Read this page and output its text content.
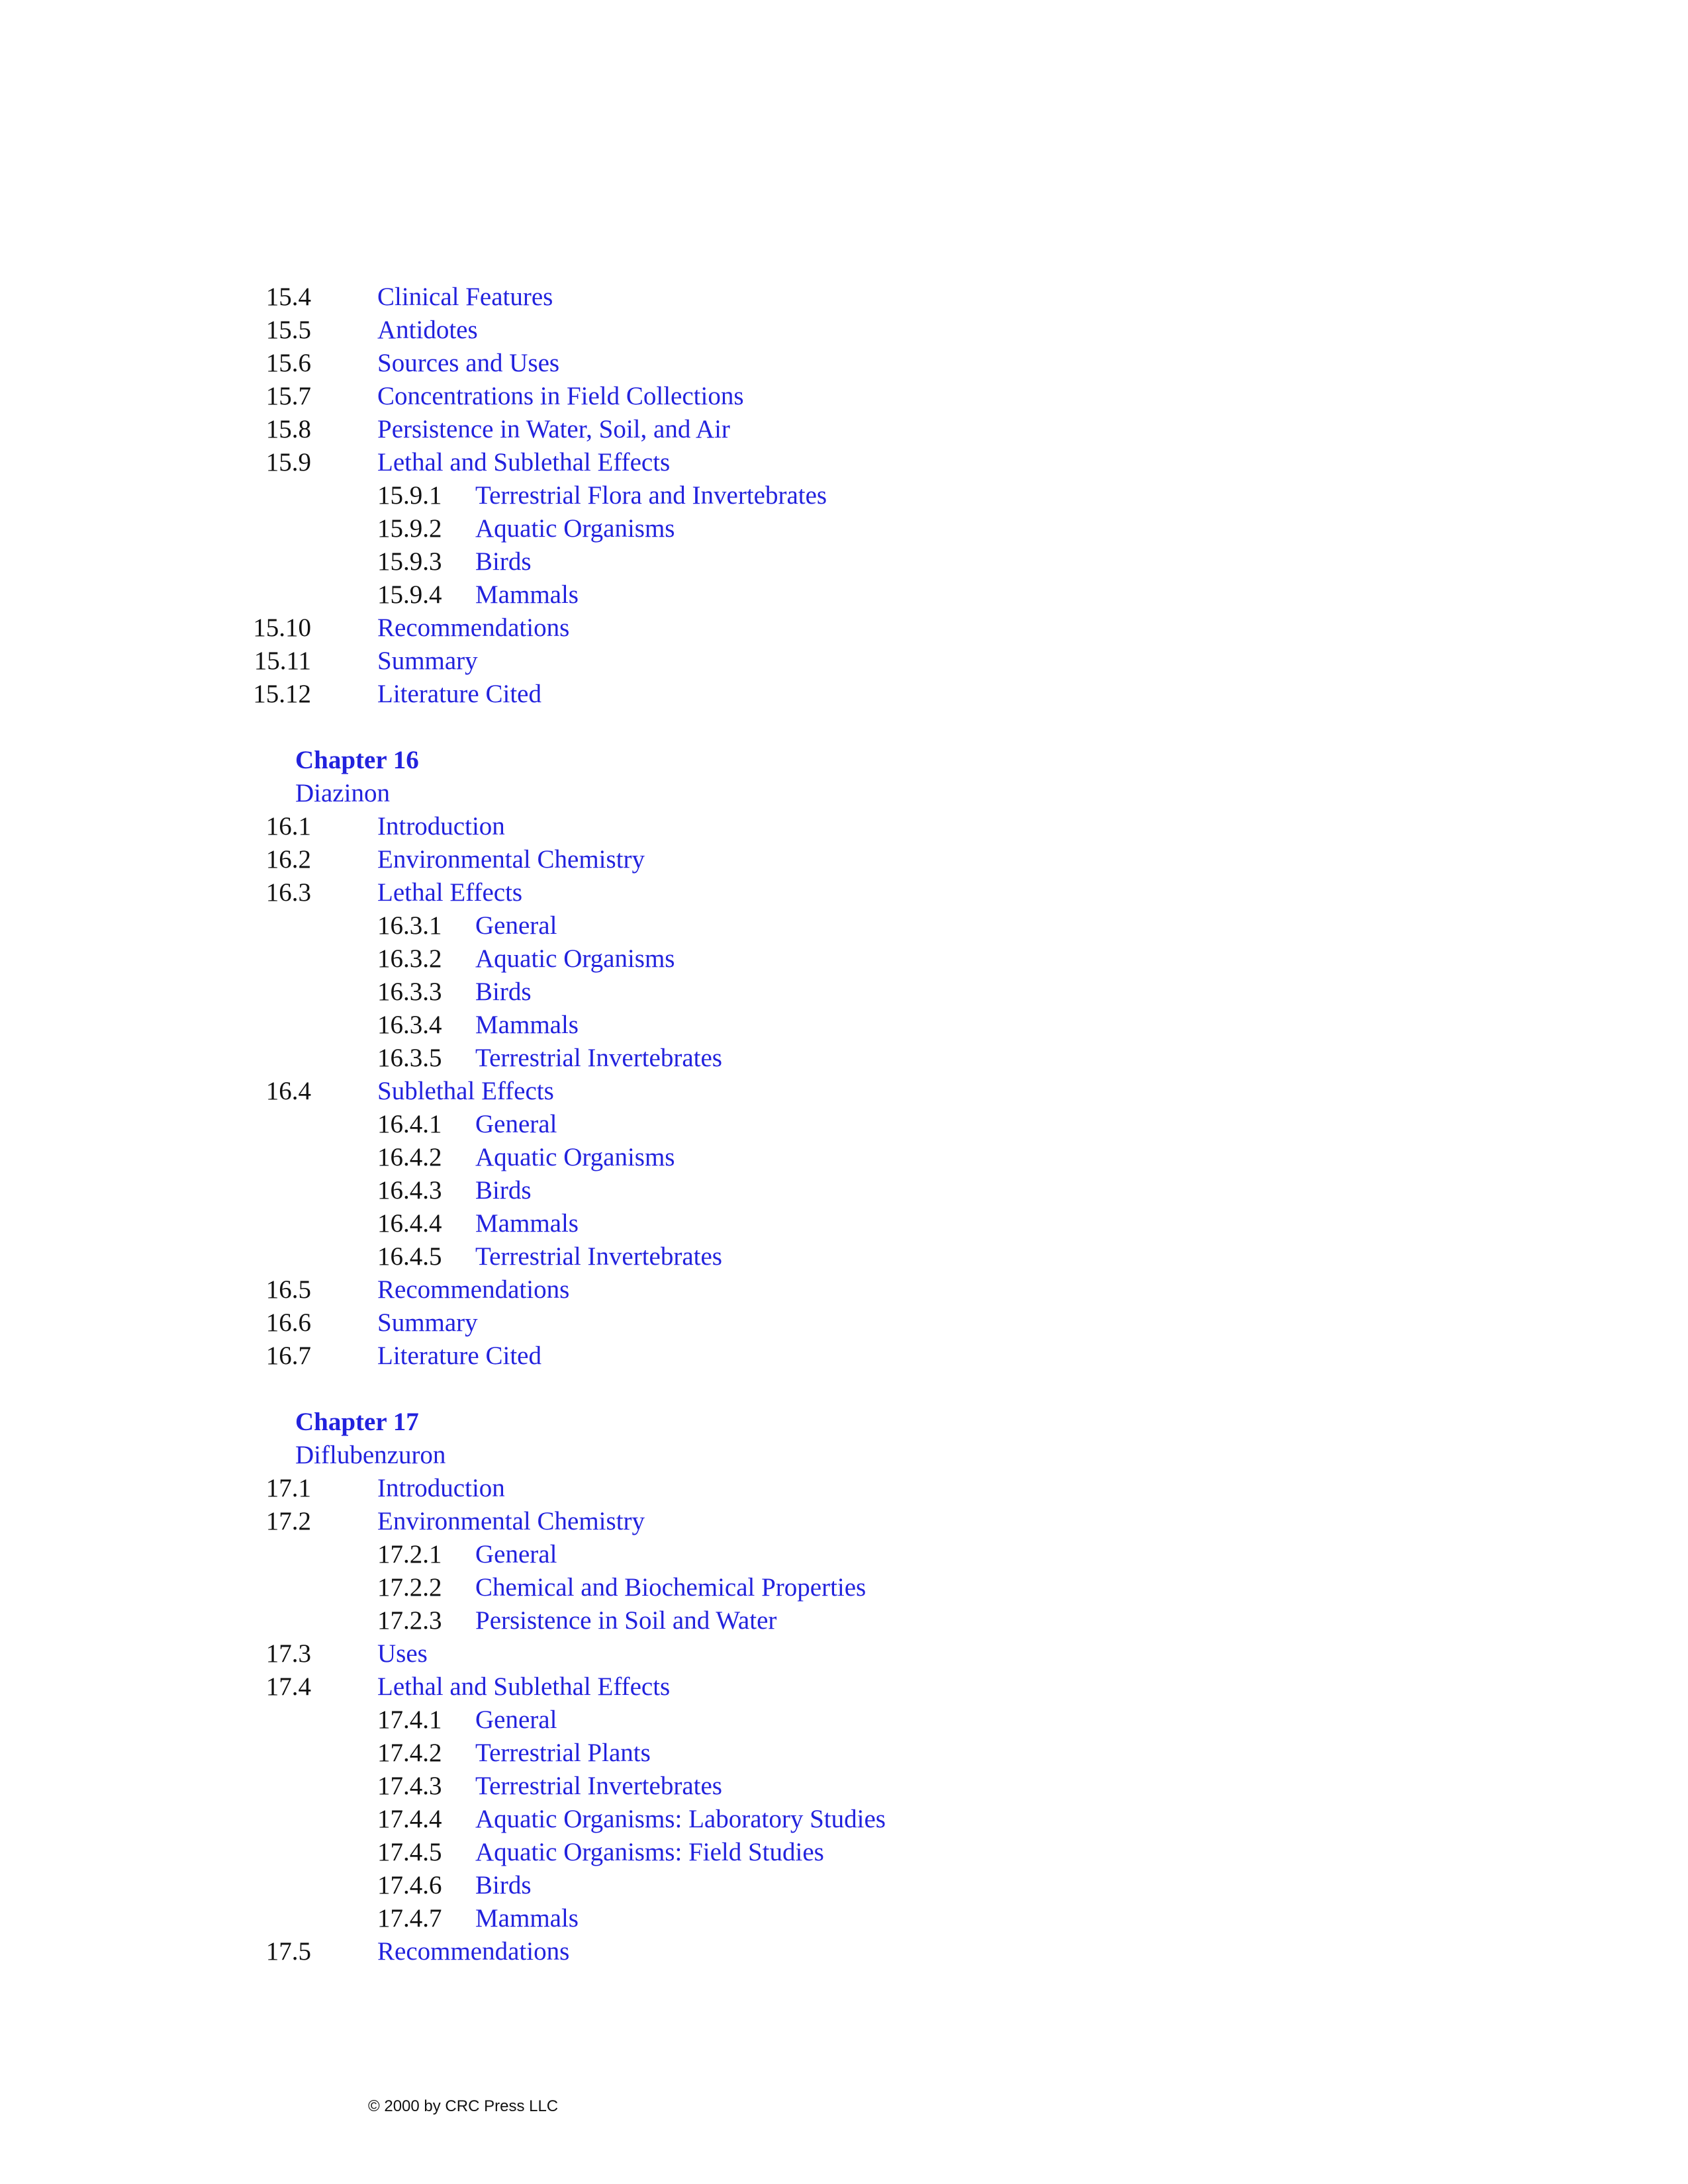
15.4	Clinical Features
15.5	Antidotes
15.6	Sources and Uses
15.7	Concentrations in Field Collections
15.8	Persistence in Water, Soil, and Air
15.9	Lethal and Sublethal Effects
15.9.1 Terrestrial Flora and Invertebrates
15.9.2 Aquatic Organisms
15.9.3 Birds
15.9.4 Mammals
15.10	Recommendations
15.11	Summary
15.12	Literature Cited
Chapter 16
Diazinon
16.1	Introduction
16.2	Environmental Chemistry
16.3	Lethal Effects
16.3.1 General
16.3.2 Aquatic Organisms
16.3.3 Birds
16.3.4 Mammals
16.3.5 Terrestrial Invertebrates
16.4	Sublethal Effects
16.4.1 General
16.4.2 Aquatic Organisms
16.4.3 Birds
16.4.4 Mammals
16.4.5 Terrestrial Invertebrates
16.5	Recommendations
16.6	Summary
16.7	Literature Cited
Chapter 17
Diflubenzuron
17.1	Introduction
17.2	Environmental Chemistry
17.2.1 General
17.2.2 Chemical and Biochemical Properties
17.2.3 Persistence in Soil and Water
17.3	Uses
17.4	Lethal and Sublethal Effects
17.4.1 General
17.4.2 Terrestrial Plants
17.4.3 Terrestrial Invertebrates
17.4.4 Aquatic Organisms: Laboratory Studies
17.4.5 Aquatic Organisms: Field Studies
17.4.6 Birds
17.4.7 Mammals
17.5	Recommendations
© 2000 by CRC Press LLC
